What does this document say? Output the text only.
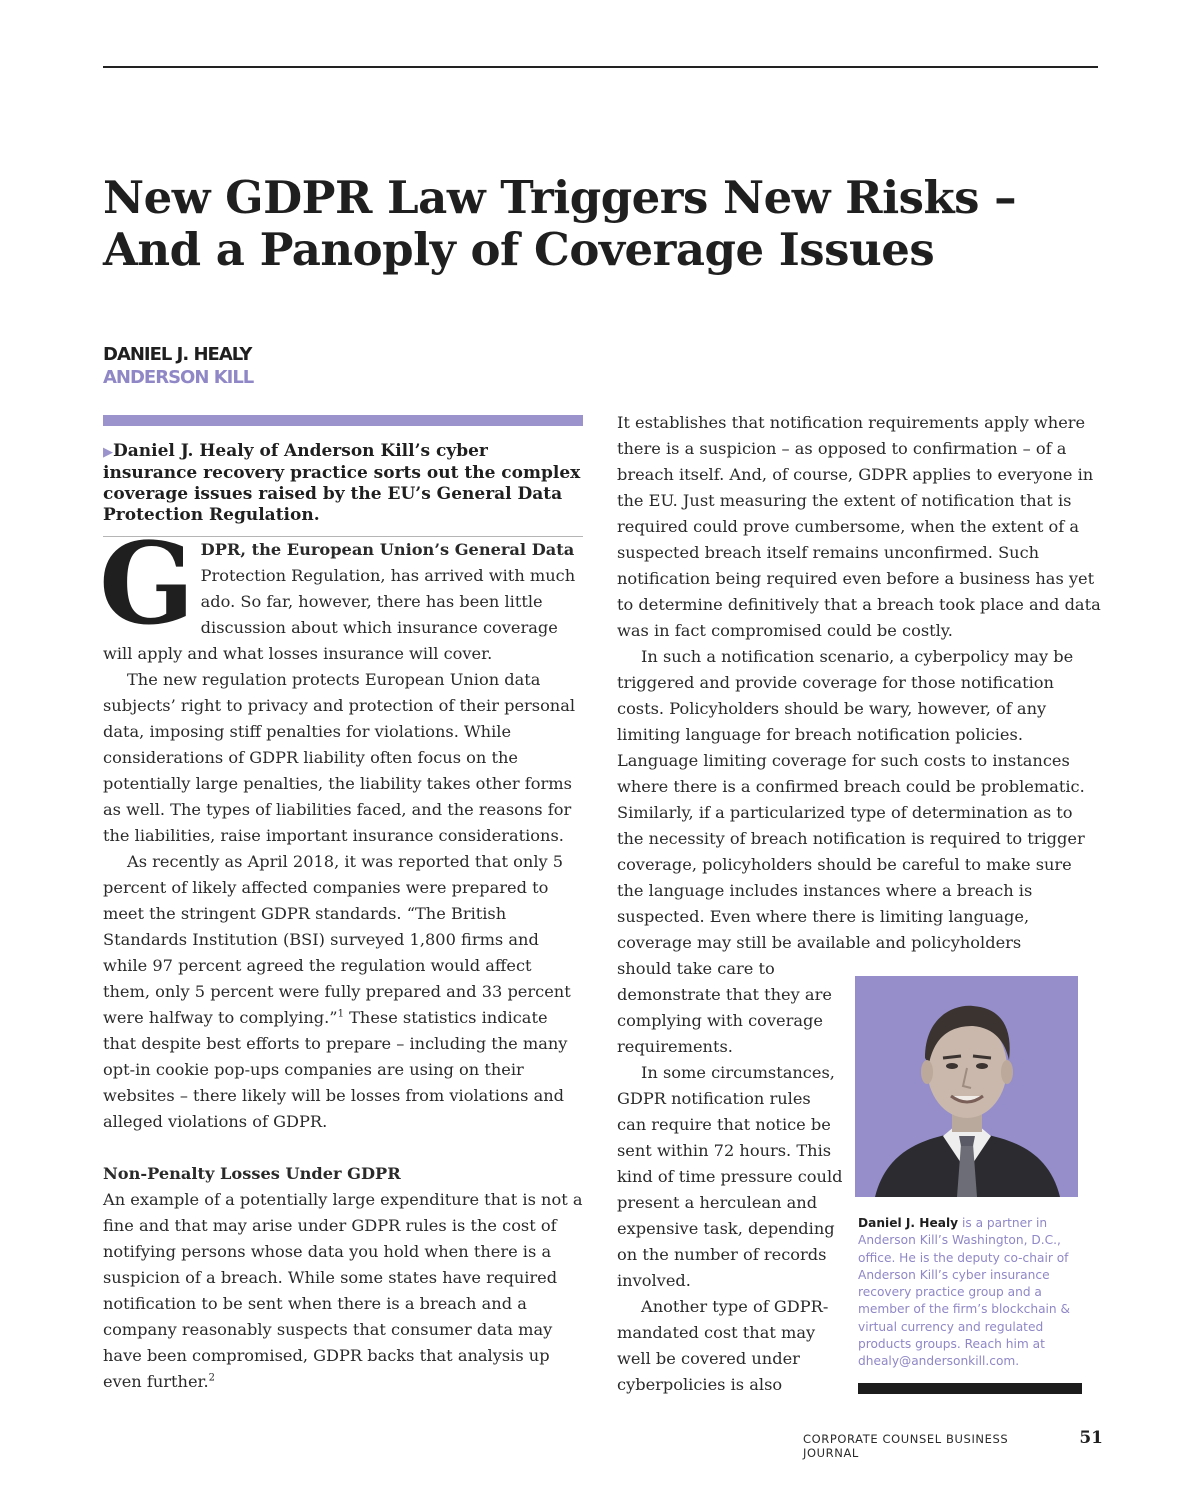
New GDPR Law Triggers New Risks –
And a Panoply of Coverage Issues
DANIEL J. HEALY
ANDERSON KILL

▶Daniel J. Healy of Anderson Kill’s cyber insurance recovery practice sorts out the complex coverage issues raised by the EU’s General Data Protection Regulation.

GDPR, the European Union’s General Data Protection Regulation, has arrived with much ado. So far, however, there has been little discussion about which insurance coverage will apply and what losses insurance will cover.

The new regulation protects European Union data subjects’ right to privacy and protection of their personal data, imposing stiff penalties for violations. While considerations of GDPR liability often focus on the potentially large penalties, the liability takes other forms as well. The types of liabilities faced, and the reasons for the liabilities, raise important insurance considerations.

As recently as April 2018, it was reported that only 5 percent of likely affected companies were prepared to meet the stringent GDPR standards. “The British Standards Institution (BSI) surveyed 1,800 firms and while 97 percent agreed the regulation would affect them, only 5 percent were fully prepared and 33 percent were halfway to complying.”$^1$ These statistics indicate that despite best efforts to prepare – including the many opt-in cookie pop-ups companies are using on their websites – there likely will be losses from violations and alleged violations of GDPR.

Non-Penalty Losses Under GDPR

An example of a potentially large expenditure that is not a fine and that may arise under GDPR rules is the cost of notifying persons whose data you hold when there is a suspicion of a breach. While some states have required notification to be sent when there is a breach and a company reasonably suspects that consumer data may have been compromised, GDPR backs that analysis up even further.$^2$

It establishes that notification requirements apply where there is a suspicion – as opposed to confirmation – of a breach itself. And, of course, GDPR applies to everyone in the EU. Just measuring the extent of notification that is required could prove cumbersome, when the extent of a suspected breach itself remains unconfirmed. Such notification being required even before a business has yet to determine definitively that a breach took place and data was in fact compromised could be costly.

In such a notification scenario, a cyberpolicy may be triggered and provide coverage for those notification costs. Policyholders should be wary, however, of any limiting language for breach notification policies. Language limiting coverage for such costs to instances where there is a confirmed breach could be problematic. Similarly, if a particularized type of determination as to the necessity of breach notification is required to trigger coverage, policyholders should be careful to make sure the language includes instances where a breach is suspected. Even where there is limiting language, coverage may still be available and policyholders

should take care to demonstrate that they are complying with coverage requirements.

In some circumstances, GDPR notification rules can require that notice be sent within 72 hours. This kind of time pressure could present a herculean and expensive task, depending on the number of records involved.

Another type of GDPR-mandated cost that may well be covered under cyberpolicies is also

Daniel J. Healy is a partner in Anderson Kill’s Washington, D.C., office. He is the deputy co-chair of Anderson Kill’s cyber insurance recovery practice group and a member of the firm’s blockchain & virtual currency and regulated products groups. Reach him at dhealy@andersonkill.com.
CORPORATE COUNSEL BUSINESS JOURNAL
51
